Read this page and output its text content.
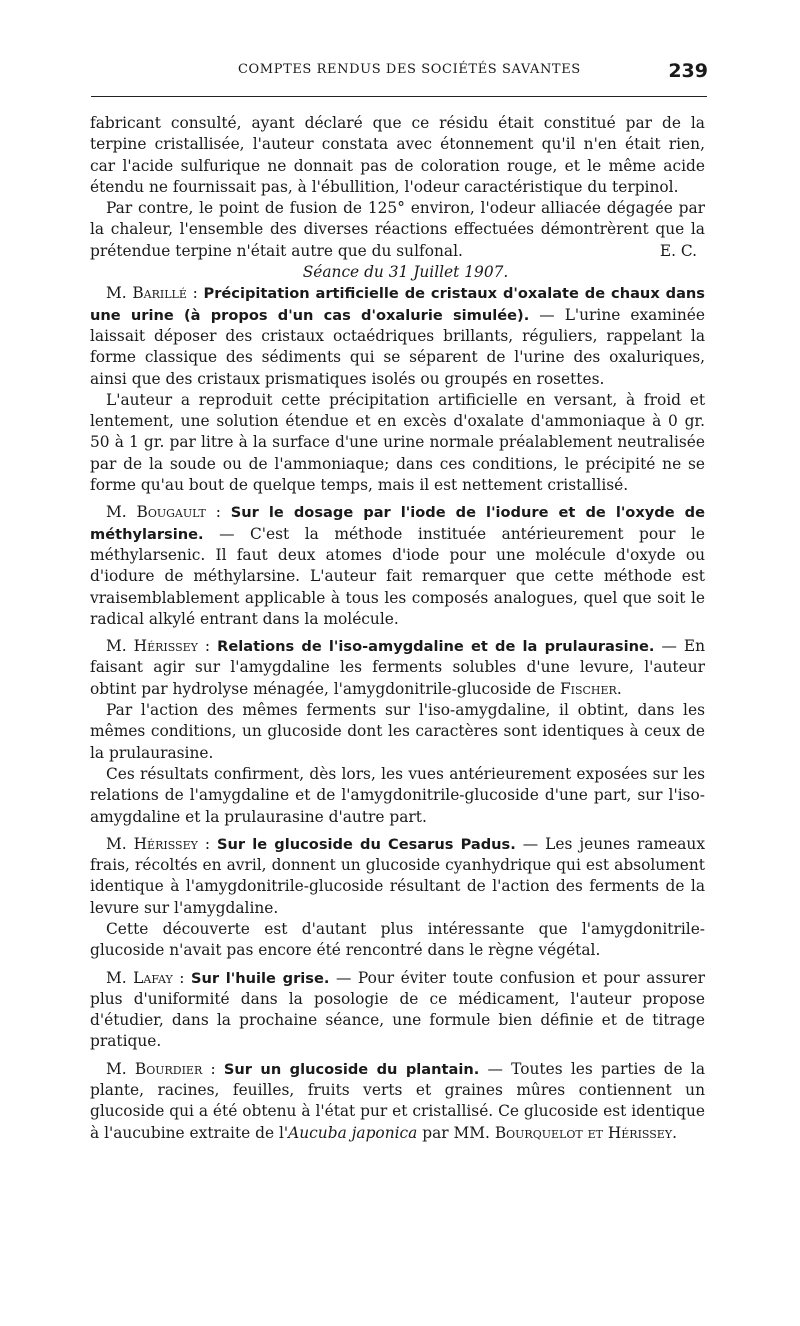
COMPTES RENDUS DES SOCIÉTÉS SAVANTES	239

fabricant consulté, ayant déclaré que ce résidu était constitué par de la terpine cristallisée, l'auteur constata avec étonnement qu'il n'en était rien, car l'acide sulfurique ne donnait pas de coloration rouge, et le même acide étendu ne fournissait pas, à l'ébullition, l'odeur caractéristique du terpinol.

Par contre, le point de fusion de 125° environ, l'odeur alliacée dégagée par la chaleur, l'ensemble des diverses réactions effectuées démontrèrent que la prétendue terpine n'était autre que du sulfonal.	E. C.

Séance du 31 Juillet 1907.

M. Barillé : Précipitation artificielle de cristaux d'oxalate de chaux dans une urine (à propos d'un cas d'oxalurie simulée). — L'urine examinée laissait déposer des cristaux octaédriques brillants, réguliers, rappelant la forme classique des sédiments qui se séparent de l'urine des oxaluriques, ainsi que des cristaux prismatiques isolés ou groupés en rosettes.

L'auteur a reproduit cette précipitation artificielle en versant, à froid et lentement, une solution étendue et en excès d'oxalate d'ammoniaque à 0 gr. 50 à 1 gr. par litre à la surface d'une urine normale préalablement neutralisée par de la soude ou de l'ammoniaque; dans ces conditions, le précipité ne se forme qu'au bout de quelque temps, mais il est nettement cristallisé.

M. Bougault : Sur le dosage par l'iode de l'iodure et de l'oxyde de méthylarsine. — C'est la méthode instituée antérieurement pour le méthylarsenic. Il faut deux atomes d'iode pour une molécule d'oxyde ou d'iodure de méthylarsine. L'auteur fait remarquer que cette méthode est vraisemblablement applicable à tous les composés analogues, quel que soit le radical alkylé entrant dans la molécule.

M. Hérissey : Relations de l'iso-amygdaline et de la prulaurasine. — En faisant agir sur l'amygdaline les ferments solubles d'une levure, l'auteur obtint par hydrolyse ménagée, l'amygdonitrile-glucoside de Fischer.

Par l'action des mêmes ferments sur l'iso-amygdaline, il obtint, dans les mêmes conditions, un glucoside dont les caractères sont identiques à ceux de la prulaurasine.

Ces résultats confirment, dès lors, les vues antérieurement exposées sur les relations de l'amygdaline et de l'amygdonitrile-glucoside d'une part, sur l'iso-amygdaline et la prulaurasine d'autre part.

M. Hérissey : Sur le glucoside du Cesarus Padus. — Les jeunes rameaux frais, récoltés en avril, donnent un glucoside cyanhydrique qui est absolument identique à l'amygdonitrile-glucoside résultant de l'action des ferments de la levure sur l'amygdaline.

Cette découverte est d'autant plus intéressante que l'amygdonitrile-glucoside n'avait pas encore été rencontré dans le règne végétal.

M. Lafay : Sur l'huile grise. — Pour éviter toute confusion et pour assurer plus d'uniformité dans la posologie de ce médicament, l'auteur propose d'étudier, dans la prochaine séance, une formule bien définie et de titrage pratique.

M. Bourdier : Sur un glucoside du plantain. — Toutes les parties de la plante, racines, feuilles, fruits verts et graines mûres contiennent un glucoside qui a été obtenu à l'état pur et cristallisé. Ce glucoside est identique à l'aucubine extraite de l'Aucuba japonica par MM. Bourquelot et Hérissey.
